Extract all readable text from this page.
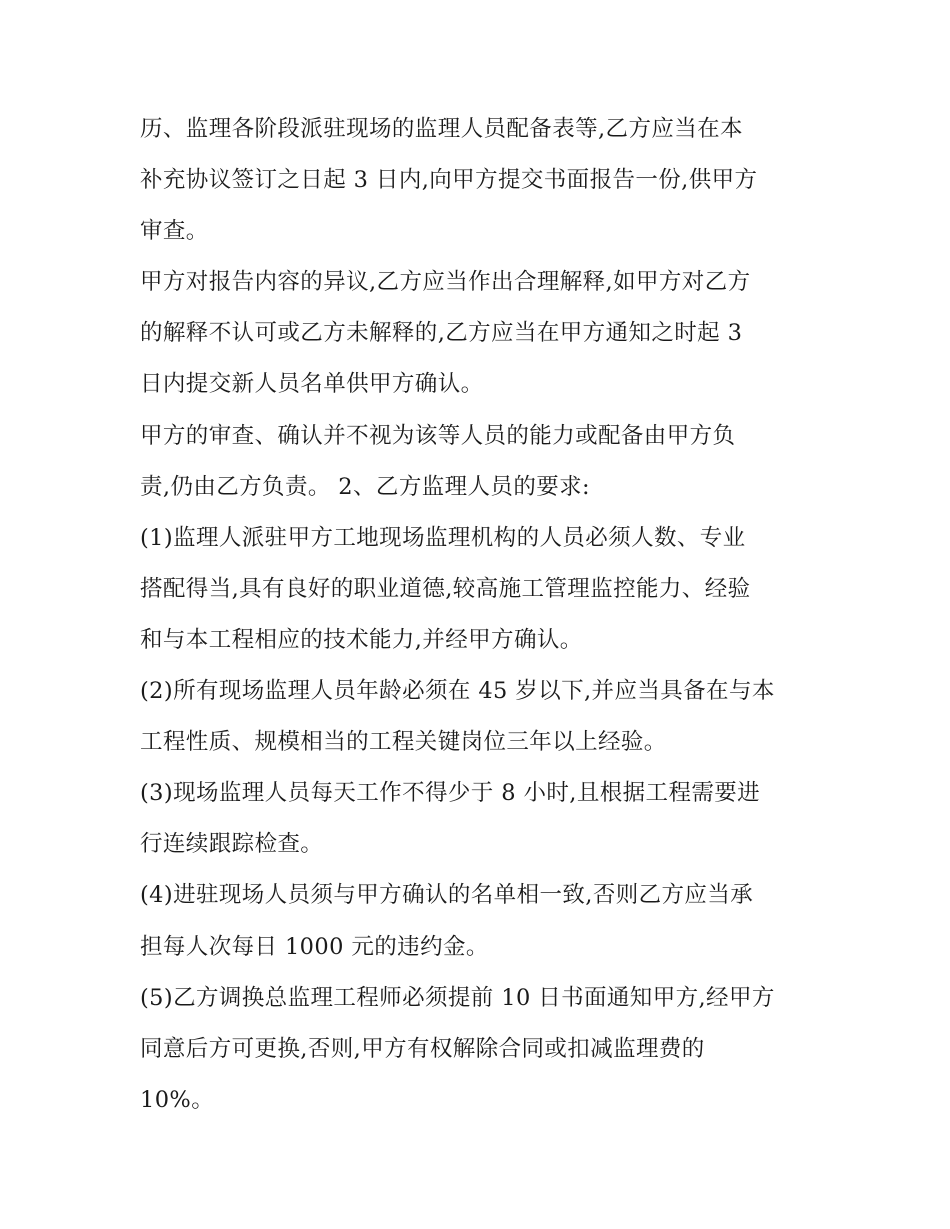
历、监理各阶段派驻现场的监理人员配备表等,乙方应当在本
补充协议签订之日起 3 日内,向甲方提交书面报告一份,供甲方
审查。
甲方对报告内容的异议,乙方应当作出合理解释,如甲方对乙方
的解释不认可或乙方未解释的,乙方应当在甲方通知之时起 3
日内提交新人员名单供甲方确认。
甲方的审查、确认并不视为该等人员的能力或配备由甲方负
责,仍由乙方负责。 2、乙方监理人员的要求:
(1)监理人派驻甲方工地现场监理机构的人员必须人数、专业
搭配得当,具有良好的职业道德,较高施工管理监控能力、经验
和与本工程相应的技术能力,并经甲方确认。
(2)所有现场监理人员年龄必须在 45 岁以下,并应当具备在与本
工程性质、规模相当的工程关键岗位三年以上经验。
(3)现场监理人员每天工作不得少于 8 小时,且根据工程需要进
行连续跟踪检查。
(4)进驻现场人员须与甲方确认的名单相一致,否则乙方应当承
担每人次每日 1000 元的违约金。
(5)乙方调换总监理工程师必须提前 10 日书面通知甲方,经甲方
同意后方可更换,否则,甲方有权解除合同或扣减监理费的
10%。
